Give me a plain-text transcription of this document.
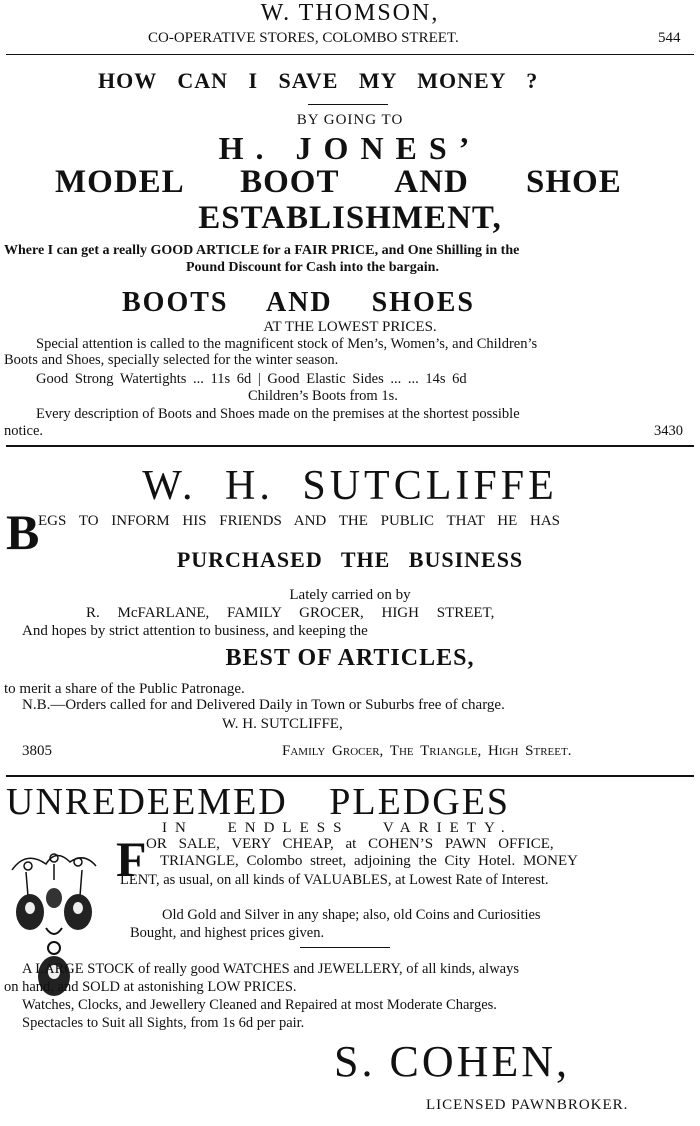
W. THOMSON,
CO-OPERATIVE STORES, COLOMBO STREET.	544
HOW CAN I SAVE MY MONEY ?
BY GOING TO
H. JONES’
MODEL BOOT AND SHOE
ESTABLISHMENT,
Where I can get a really GOOD ARTICLE for a FAIR PRICE, and One Shilling in the
Pound Discount for Cash into the bargain.
BOOTS AND SHOES
AT THE LOWEST PRICES.
Special attention is called to the magnificent stock of Men’s, Women’s, and Children’s
Boots and Shoes, specially selected for the winter season.
Good Strong Watertights ... 11s 6d | Good Elastic Sides ... ... 14s 6d
Children’s Boots from 1s.
Every description of Boots and Shoes made on the premises at the shortest possible
notice.	3430
W. H. SUTCLIFFE
B
EGS TO INFORM HIS FRIENDS AND THE PUBLIC THAT HE HAS
PURCHASED THE BUSINESS
Lately carried on by
R. McFARLANE, FAMILY GROCER, HIGH STREET,
And hopes by strict attention to business, and keeping the
BEST OF ARTICLES,
to merit a share of the Public Patronage.
N.B.—Orders called for and Delivered Daily in Town or Suburbs free of charge.
W. H. SUTCLIFFE,
3805	Family Grocer, The Triangle, High Street.
UNREDEEMED PLEDGES
IN ENDLESS VARIETY.
F OR SALE, VERY CHEAP, at COHEN’S PAWN OFFICE,
TRIANGLE, Colombo street, adjoining the City Hotel. MONEY
LENT, as usual, on all kinds of VALUABLES, at Lowest Rate of Interest.
Old Gold and Silver in any shape; also, old Coins and Curiosities
Bought, and highest prices given.
A LARGE STOCK of really good WATCHES and JEWELLERY, of all kinds, always
on hand, and SOLD at astonishing LOW PRICES.
Watches, Clocks, and Jewellery Cleaned and Repaired at most Moderate Charges.
Spectacles to Suit all Sights, from 1s 6d per pair.
S. COHEN,
LICENSED PAWNBROKER.
